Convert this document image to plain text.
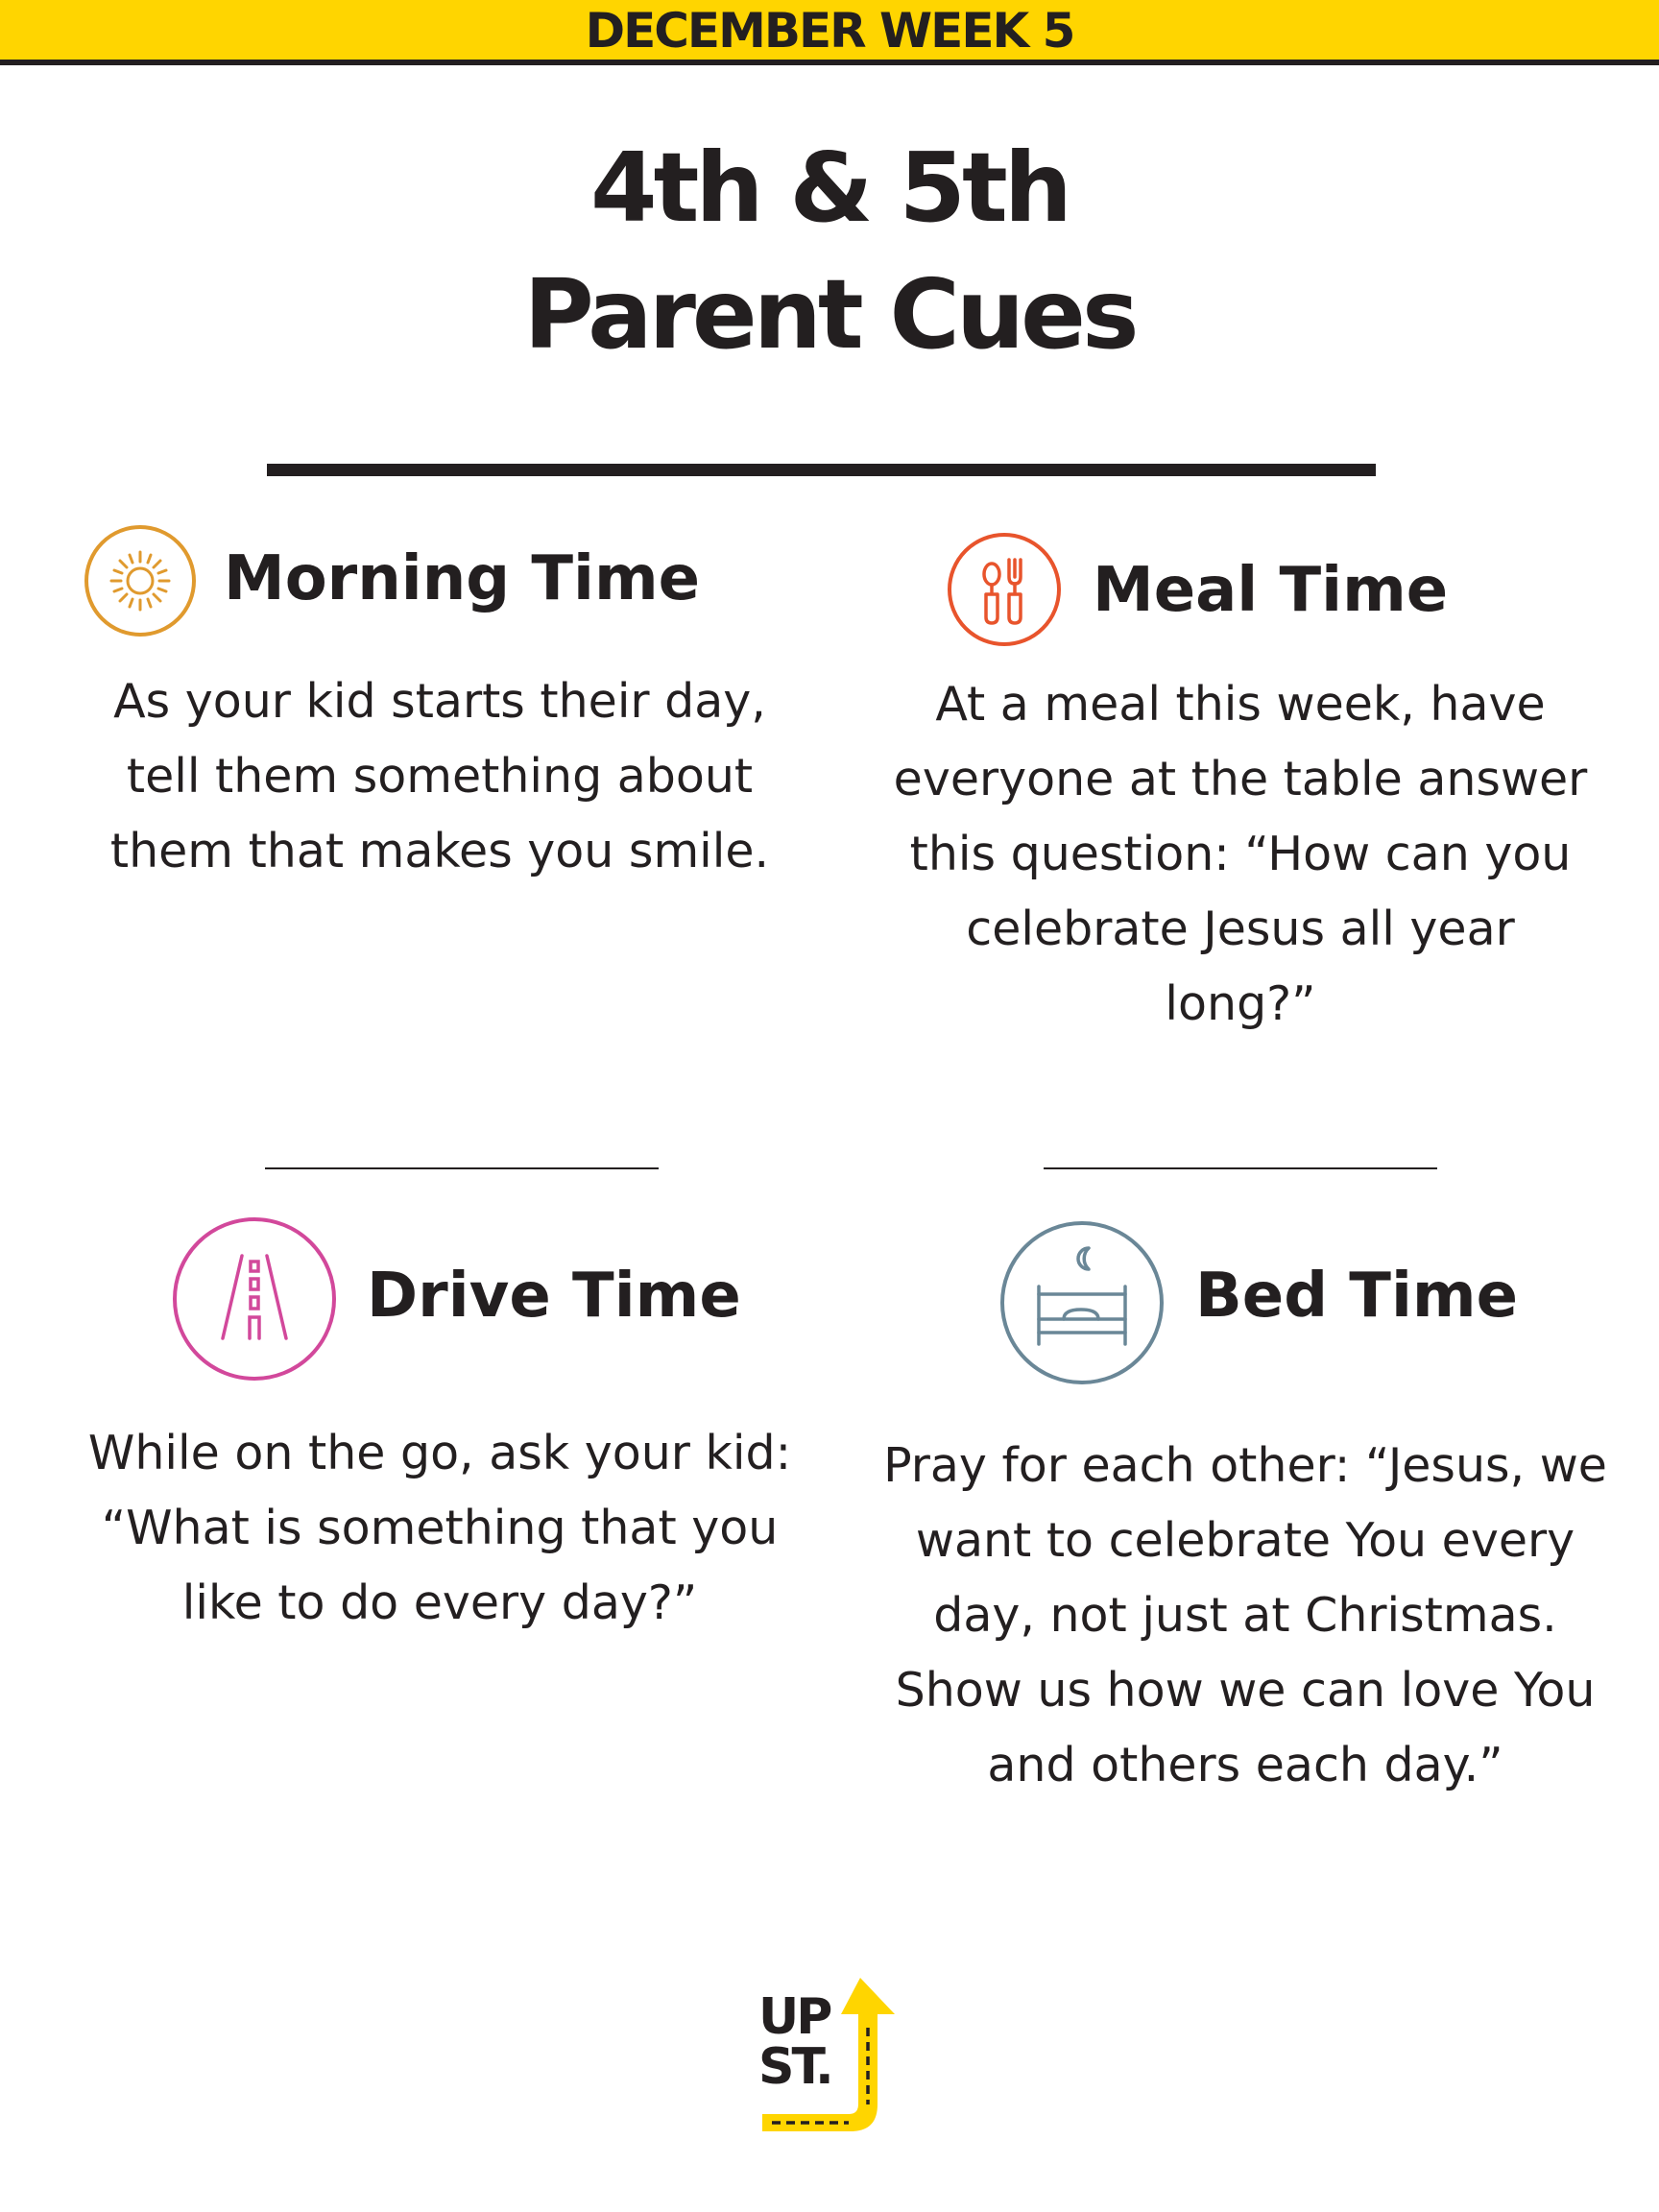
DECEMBER WEEK 5
4th & 5th
Parent Cues
Morning Time
As your kid starts their day, tell them something about them that makes you smile.
Meal Time
At a meal this week, have everyone at the table answer this question: “How can you celebrate Jesus all year long?”
Drive Time
While on the go, ask your kid: “What is something that you like to do every day?”
Bed Time
Pray for each other: “Jesus, we want to celebrate You every day, not just at Christmas. Show us how we can love You and others each day.”
UP
ST.
